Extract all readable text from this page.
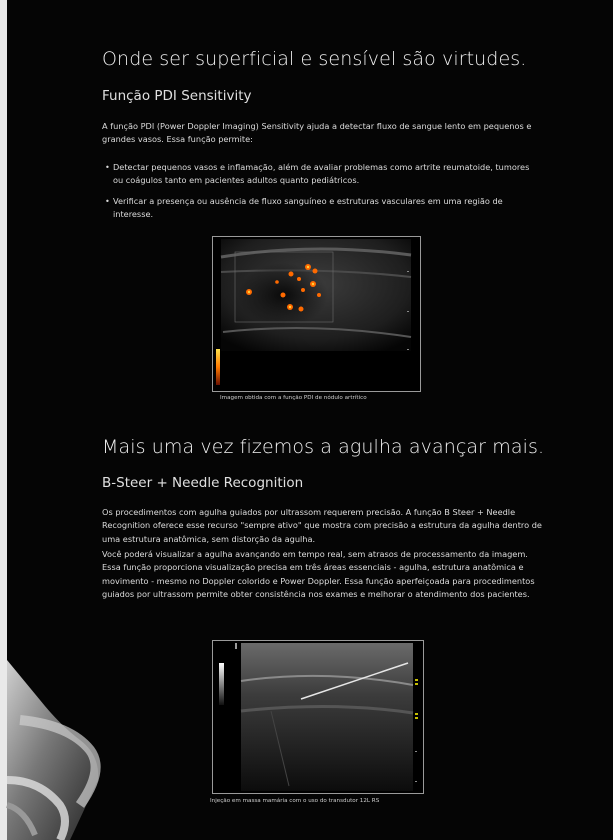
Onde ser superficial e sensível são virtudes.
Função PDI Sensitivity
A função PDI (Power Doppler Imaging) Sensitivity ajuda a detectar fluxo de sangue lento em pequenos e grandes vasos. Essa função permite:
• Detectar pequenos vasos e inflamação, além de avaliar problemas como artrite reumatoide, tumores ou coágulos tanto em pacientes adultos quanto pediátricos.
• Verificar a presença ou ausência de fluxo sanguíneo e estruturas vasculares em uma região de interesse.
Imagem obtida com a função PDI de nódulo artrítico
Mais uma vez fizemos a agulha avançar mais.
B-Steer + Needle Recognition
Os procedimentos com agulha guiados por ultrassom requerem precisão. A função B Steer + Needle Recognition oferece esse recurso "sempre ativo" que mostra com precisão a estrutura da agulha dentro de uma estrutura anatômica, sem distorção da agulha.
Você poderá visualizar a agulha avançando em tempo real, sem atrasos de processamento da imagem. Essa função proporciona visualização precisa em três áreas essenciais - agulha, estrutura anatômica e movimento - mesmo no Doppler colorido e Power Doppler. Essa função aperfeiçoada para procedimentos guiados por ultrassom permite obter consistência nos exames e melhorar o atendimento dos pacientes.
Injeção em massa mamária com o uso do transdutor 12L RS
